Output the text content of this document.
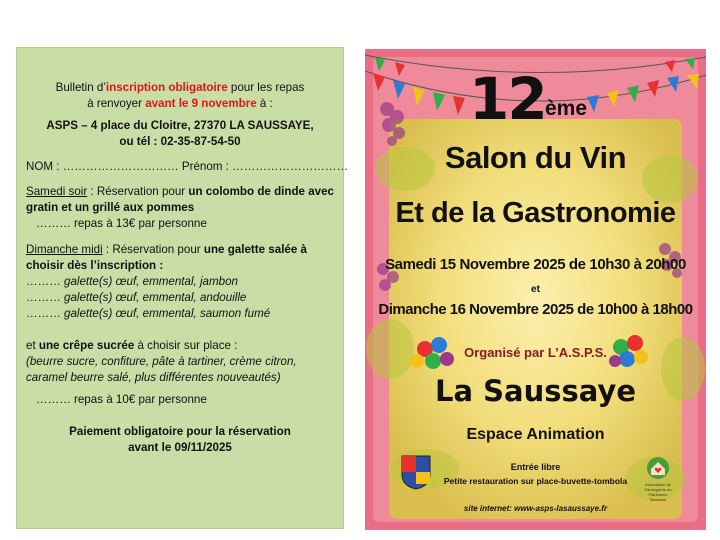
Bulletin d’inscription obligatoire pour les repas
à renvoyer avant le 9 novembre à :
ASPS – 4 place du Cloitre, 27370 LA SAUSSAYE,
ou tél : 02-35-87-54-50
NOM : ………………………… Prénom : …………………………
Samedi soir : Réservation pour un colombo de dinde avec gratin et un grillé aux pommes
……… repas à 13€ par personne
Dimanche midi : Réservation pour une galette salée à choisir dès l’inscription :
……… galette(s) œuf, emmental, jambon
……… galette(s) œuf, emmental, andouille
……… galette(s) œuf, emmental, saumon fumé
et une crêpe sucrée à choisir sur place :
(beurre sucre, confiture, pâte à tartiner, crème citron, caramel beurre salé, plus différentes nouveautés)
……… repas à 10€ par personne
Paiement obligatoire pour la réservation
avant le 09/11/2025
12 ème
Salon du Vin
Et de la Gastronomie
Samedi 15 Novembre 2025 de 10h30 à 20h00
et
Dimanche 16 Novembre 2025 de 10h00 à 18h00
Organisé par L’A.S.P.S.
La Saussaye
Espace Animation
Entrée libre
Petite restauration sur place-buvette-tombola
site internet: www-asps-lasaussaye.fr
Association de Sauvegarde du Patrimoine Saussien
